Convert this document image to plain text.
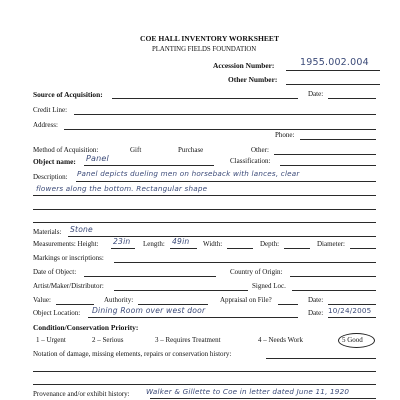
COE HALL INVENTORY WORKSHEET
PLANTING FIELDS FOUNDATION
Accession Number:	1955.002.004
Other Number:
Source of Acquisition:	Date:
Credit Line:
Address:
Phone:
Method of Acquisition:	Gift	Purchase	Other:
Object name: Panel	Classification:
Description: Panel depicts dueling men on horseback with lances, clear
flowers along the bottom. Rectangular shape
Materials: Stone
Measurements: Height: 23in Length: 49in Width:	Depth:	Diameter:
Markings or inscriptions:
Date of Object:	Country of Origin:
Artist/Maker/Distributor:	Signed Loc.
Value:	Authority:	Appraisal on File?	Date:
Object Location: Dining Room over west door	Date: 10/24/2005
Condition/Conservation Priority:
1 – Urgent	2 – Serious	3 – Requires Treatment	4 – Needs Work	5 Good
Notation of damage, missing elements, repairs or conservation history:
Provenance and/or exhibit history: Walker & Gillette to Coe in letter dated June 11, 1920
